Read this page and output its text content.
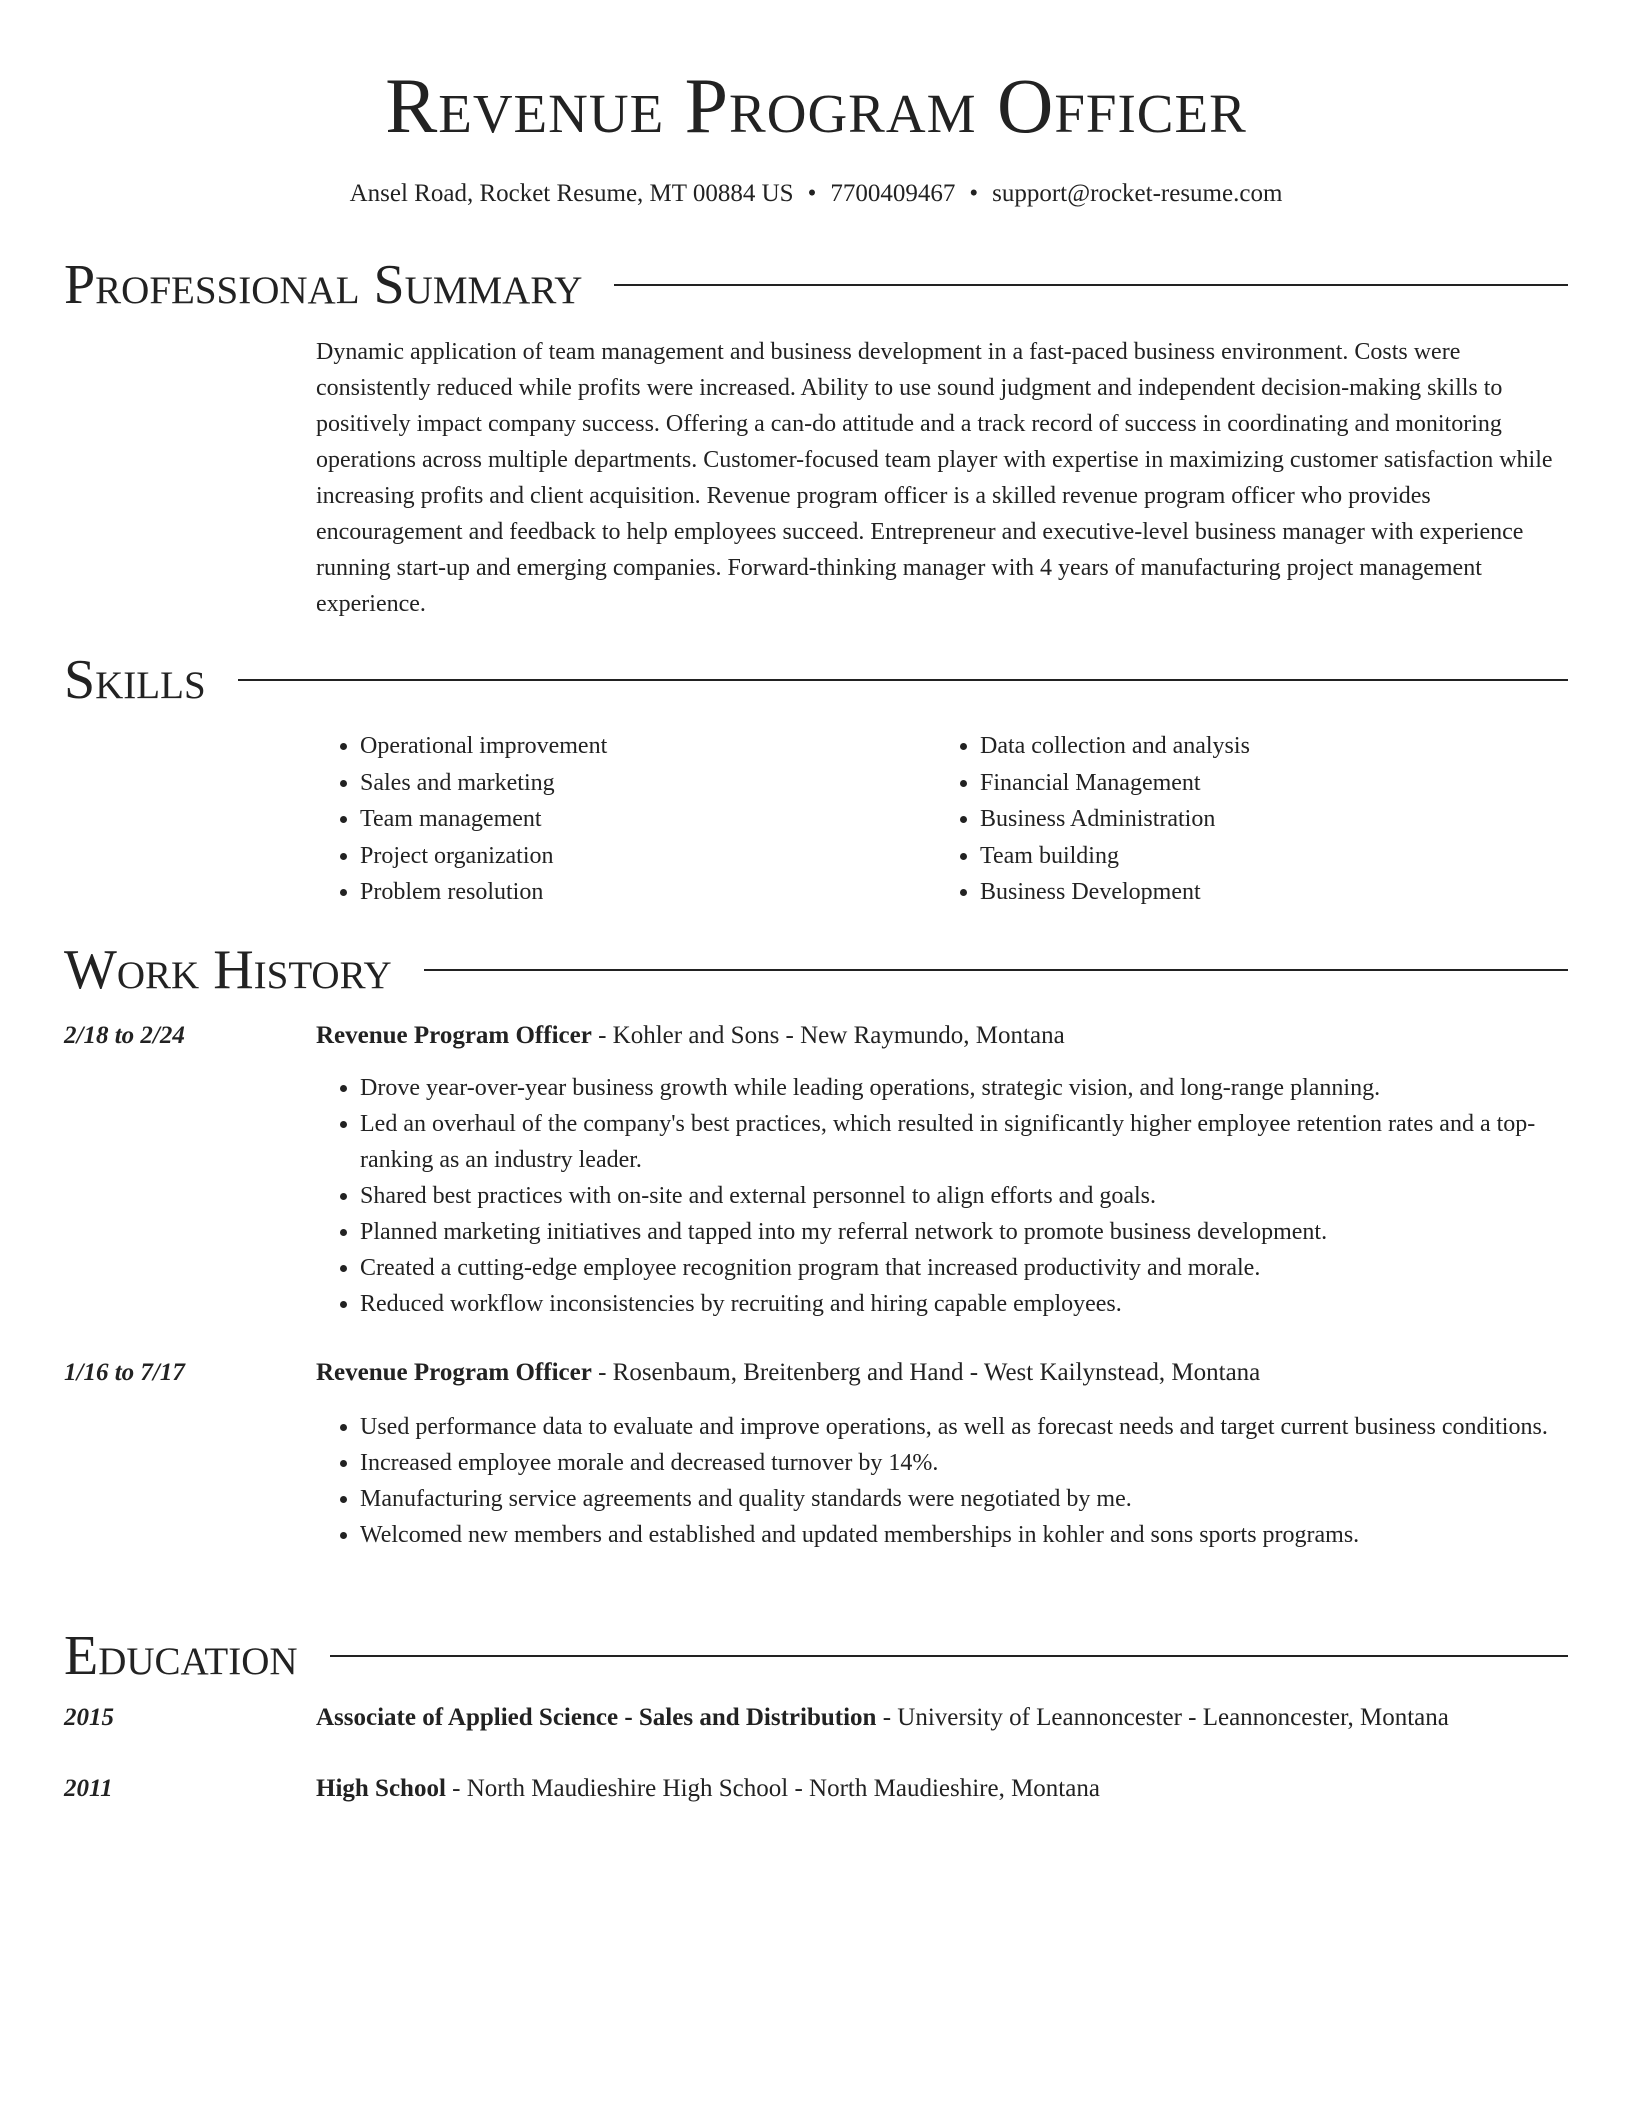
Revenue Program Officer
Ansel Road, Rocket Resume, MT 00884 US • 7700409467 • support@rocket-resume.com
Professional Summary
Dynamic application of team management and business development in a fast-paced business environment. Costs were consistently reduced while profits were increased. Ability to use sound judgment and independent decision-making skills to positively impact company success. Offering a can-do attitude and a track record of success in coordinating and monitoring operations across multiple departments. Customer-focused team player with expertise in maximizing customer satisfaction while increasing profits and client acquisition. Revenue program officer is a skilled revenue program officer who provides encouragement and feedback to help employees succeed. Entrepreneur and executive-level business manager with experience running start-up and emerging companies. Forward-thinking manager with 4 years of manufacturing project management experience.
Skills
• Operational improvement
• Sales and marketing
• Team management
• Project organization
• Problem resolution
• Data collection and analysis
• Financial Management
• Business Administration
• Team building
• Business Development
Work History
2/18 to 2/24	Revenue Program Officer - Kohler and Sons - New Raymundo, Montana
• Drove year-over-year business growth while leading operations, strategic vision, and long-range planning.
• Led an overhaul of the company's best practices, which resulted in significantly higher employee retention rates and a top-ranking as an industry leader.
• Shared best practices with on-site and external personnel to align efforts and goals.
• Planned marketing initiatives and tapped into my referral network to promote business development.
• Created a cutting-edge employee recognition program that increased productivity and morale.
• Reduced workflow inconsistencies by recruiting and hiring capable employees.
1/16 to 7/17	Revenue Program Officer - Rosenbaum, Breitenberg and Hand - West Kailynstead, Montana
• Used performance data to evaluate and improve operations, as well as forecast needs and target current business conditions.
• Increased employee morale and decreased turnover by 14%.
• Manufacturing service agreements and quality standards were negotiated by me.
• Welcomed new members and established and updated memberships in kohler and sons sports programs.
Education
2015	Associate of Applied Science - Sales and Distribution - University of Leannoncester - Leannoncester, Montana
2011	High School - North Maudieshire High School - North Maudieshire, Montana
